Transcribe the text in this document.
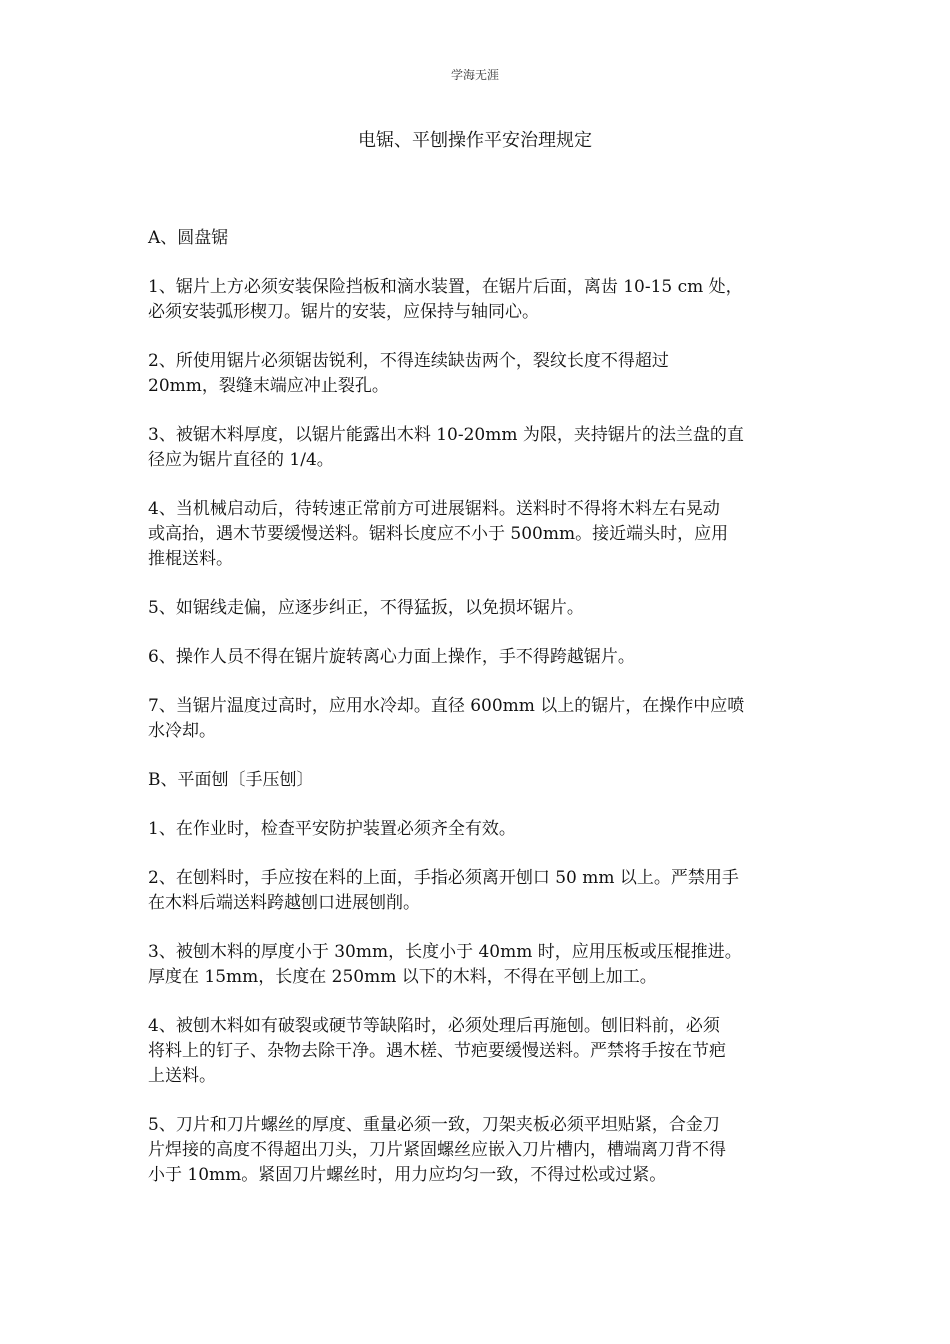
学海无涯
电锯、平刨操作平安治理规定

A、圆盘锯

1、锯片上方必须安装保险挡板和滴水装置，在锯片后面，离齿 10-15 cm 处，
必须安装弧形楔刀。锯片的安装，应保持与轴同心。

2、所使用锯片必须锯齿锐利，不得连续缺齿两个，裂纹长度不得超过
20mm，裂缝末端应冲止裂孔。

3、被锯木料厚度，以锯片能露出木料 10-20mm 为限，夹持锯片的法兰盘的直
径应为锯片直径的 1/4。

4、当机械启动后，待转速正常前方可进展锯料。送料时不得将木料左右晃动
或高抬，遇木节要缓慢送料。锯料长度应不小于 500mm。接近端头时，应用
推棍送料。

5、如锯线走偏，应逐步纠正，不得猛扳，以免损坏锯片。

6、操作人员不得在锯片旋转离心力面上操作，手不得跨越锯片。

7、当锯片温度过高时，应用水冷却。直径 600mm 以上的锯片，在操作中应喷
水冷却。

B、平面刨〔手压刨〕

1、在作业时，检查平安防护装置必须齐全有效。

2、在刨料时，手应按在料的上面，手指必须离开刨口 50 mm 以上。严禁用手
在木料后端送料跨越刨口进展刨削。

3、被刨木料的厚度小于 30mm，长度小于 40mm 时，应用压板或压棍推进。
厚度在 15mm，长度在 250mm 以下的木料，不得在平刨上加工。

4、被刨木料如有破裂或硬节等缺陷时，必须处理后再施刨。刨旧料前，必须
将料上的钉子、杂物去除干净。遇木槎、节疤要缓慢送料。严禁将手按在节疤
上送料。

5、刀片和刀片螺丝的厚度、重量必须一致，刀架夹板必须平坦贴紧，合金刀
片焊接的高度不得超出刀头，刀片紧固螺丝应嵌入刀片槽内，槽端离刀背不得
小于 10mm。紧固刀片螺丝时，用力应均匀一致，不得过松或过紧。
